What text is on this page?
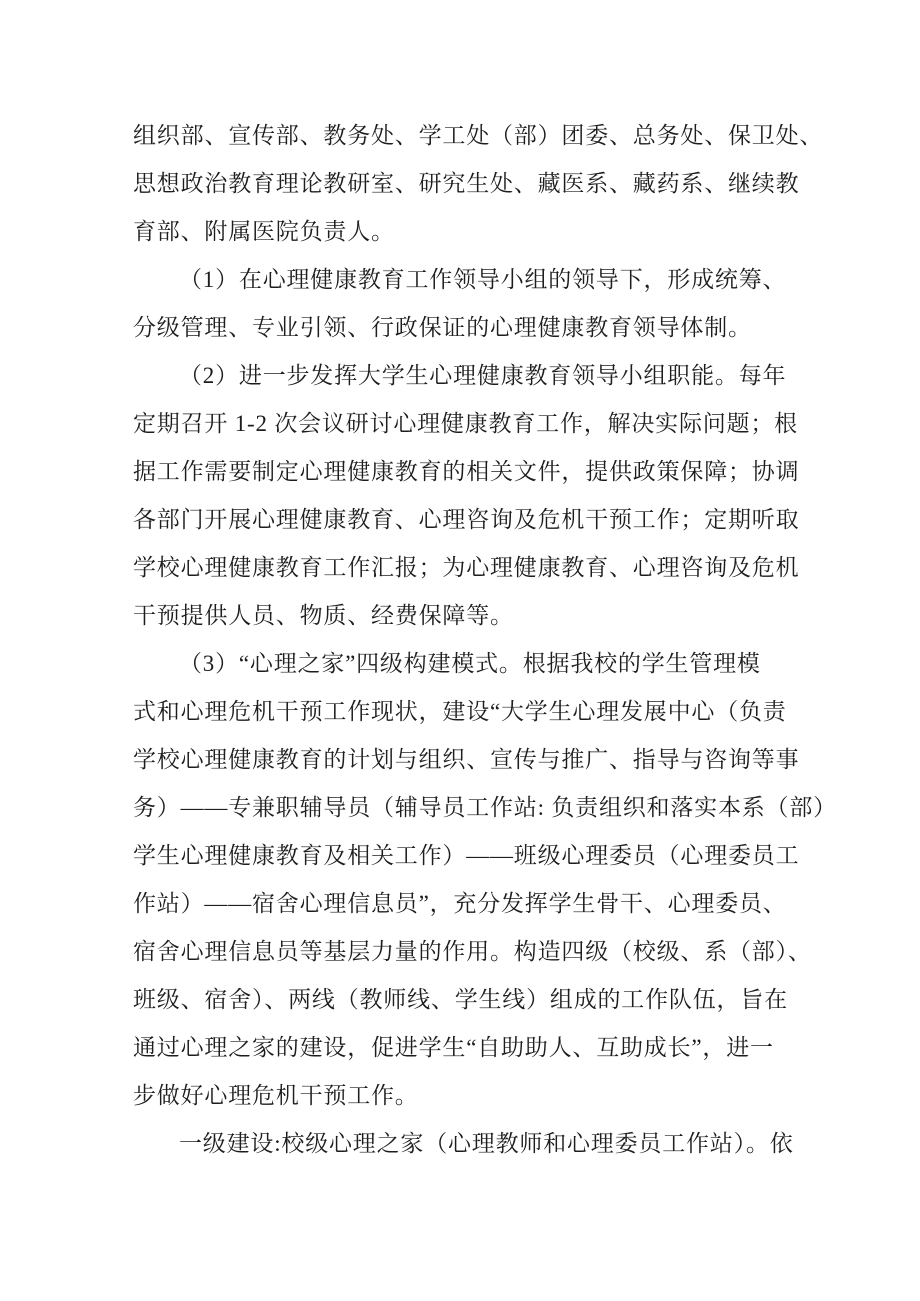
组织部、宣传部、教务处、学工处（部）团委、总务处、保卫处、
思想政治教育理论教研室、研究生处、藏医系、藏药系、继续教
育部、附属医院负责人。
（1）在心理健康教育工作领导小组的领导下，形成统筹、
分级管理、专业引领、行政保证的心理健康教育领导体制。
（2）进一步发挥大学生心理健康教育领导小组职能。每年
定期召开 1-2 次会议研讨心理健康教育工作，解决实际问题；根
据工作需要制定心理健康教育的相关文件，提供政策保障；协调
各部门开展心理健康教育、心理咨询及危机干预工作；定期听取
学校心理健康教育工作汇报；为心理健康教育、心理咨询及危机
干预提供人员、物质、经费保障等。
（3）“心理之家”四级构建模式。根据我校的学生管理模
式和心理危机干预工作现状，建设“大学生心理发展中心（负责
学校心理健康教育的计划与组织、宣传与推广、指导与咨询等事
务）——专兼职辅导员（辅导员工作站: 负责组织和落实本系（部）
学生心理健康教育及相关工作）——班级心理委员（心理委员工
作站）——宿舍心理信息员”，充分发挥学生骨干、心理委员、
宿舍心理信息员等基层力量的作用。构造四级（校级、系（部）、
班级、宿舍）、两线（教师线、学生线）组成的工作队伍，旨在
通过心理之家的建设，促进学生“自助助人、互助成长”，进一
步做好心理危机干预工作。
一级建设:校级心理之家（心理教师和心理委员工作站）。依
